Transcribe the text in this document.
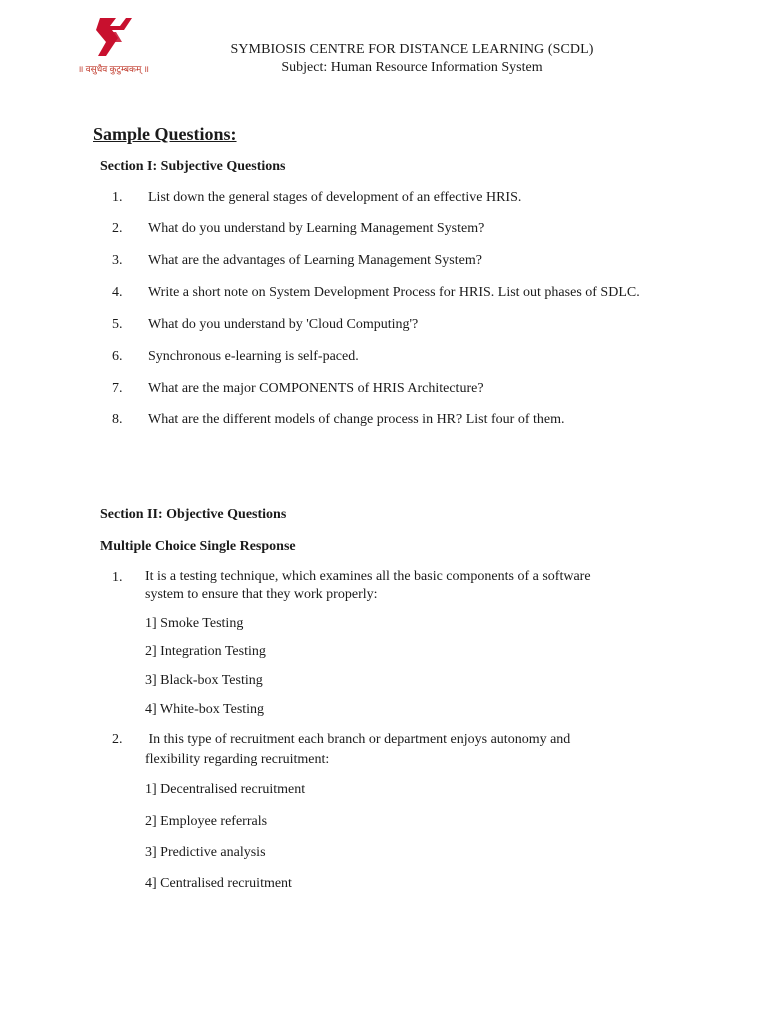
॥ वसुधैव कुटुम्बकम् ॥
SYMBIOSIS CENTRE FOR DISTANCE LEARNING (SCDL)
Subject: Human Resource Information System
Sample Questions:
Section I: Subjective Questions
1. List down the general stages of development of an effective HRIS.
2. What do you understand by Learning Management System?
3. What are the advantages of Learning Management System?
4. Write a short note on System Development Process for HRIS. List out phases of SDLC.
5. What do you understand by 'Cloud Computing'?
6. Synchronous e-learning is self-paced.
7. What are the major COMPONENTS of HRIS Architecture?
8. What are the different models of change process in HR? List four of them.
Section II: Objective Questions
Multiple Choice Single Response
1. It is a testing technique, which examines all the basic components of a software
system to ensure that they work properly:
1] Smoke Testing
2] Integration Testing
3] Black-box Testing
4] White-box Testing
2. In this type of recruitment each branch or department enjoys autonomy and
flexibility regarding recruitment:
1] Decentralised recruitment
2] Employee referrals
3] Predictive analysis
4] Centralised recruitment
